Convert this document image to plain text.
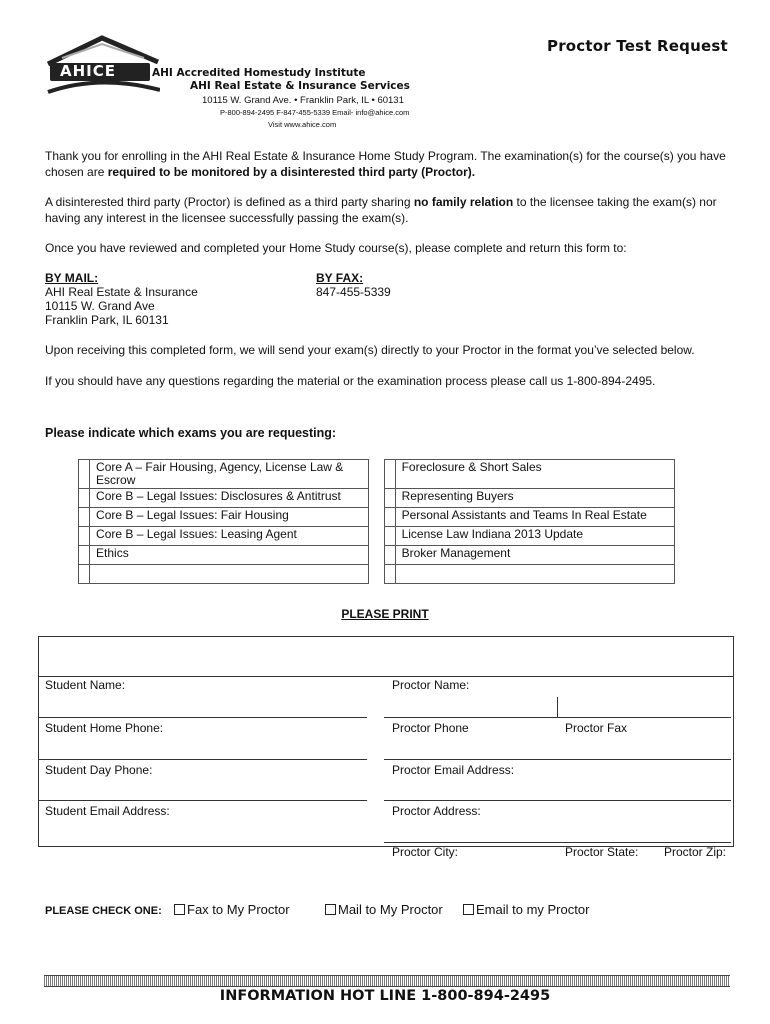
Proctor Test Request
AHICE	AHI Accredited Homestudy Institute
AHI Real Estate & Insurance Services
10115 W. Grand Ave. • Franklin Park, IL • 60131
P-800-894-2495 F-847-455-5339 Email- info@ahice.com
Visit www.ahice.com

Thank you for enrolling in the AHI Real Estate & Insurance Home Study Program. The examination(s) for the course(s) you have chosen are required to be monitored by a disinterested third party (Proctor).

A disinterested third party (Proctor) is defined as a third party sharing no family relation to the licensee taking the exam(s) nor having any interest in the licensee successfully passing the exam(s).

Once you have reviewed and completed your Home Study course(s), please complete and return this form to:

BY MAIL:
AHI Real Estate & Insurance
10115 W. Grand Ave
Franklin Park, IL 60131
BY FAX:
847-455-5339

Upon receiving this completed form, we will send your exam(s) directly to your Proctor in the format you’ve selected below.

If you should have any questions regarding the material or the examination process please call us 1-800-894-2495.

Please indicate which exams you are requesting:
	Core A – Fair Housing, Agency, License Law & Escrow			Foreclosure & Short Sales
	Core B – Legal Issues: Disclosures & Antitrust			Representing Buyers
	Core B – Legal Issues: Fair Housing			Personal Assistants and Teams In Real Estate
	Core B – Legal Issues: Leasing Agent			License Law Indiana 2013 Update
	Ethics			Broker Management

PLEASE PRINT
Student Name:	Proctor Name:
Student Home Phone:	Proctor Phone	Proctor Fax
Student Day Phone:	Proctor Email Address:
Student Email Address:	Proctor Address:
Proctor City:	Proctor State: Proctor Zip:
PLEASE CHECK ONE:	Fax to My Proctor	Mail to My Proctor	Email to my Proctor
INFORMATION HOT LINE 1-800-894-2495
